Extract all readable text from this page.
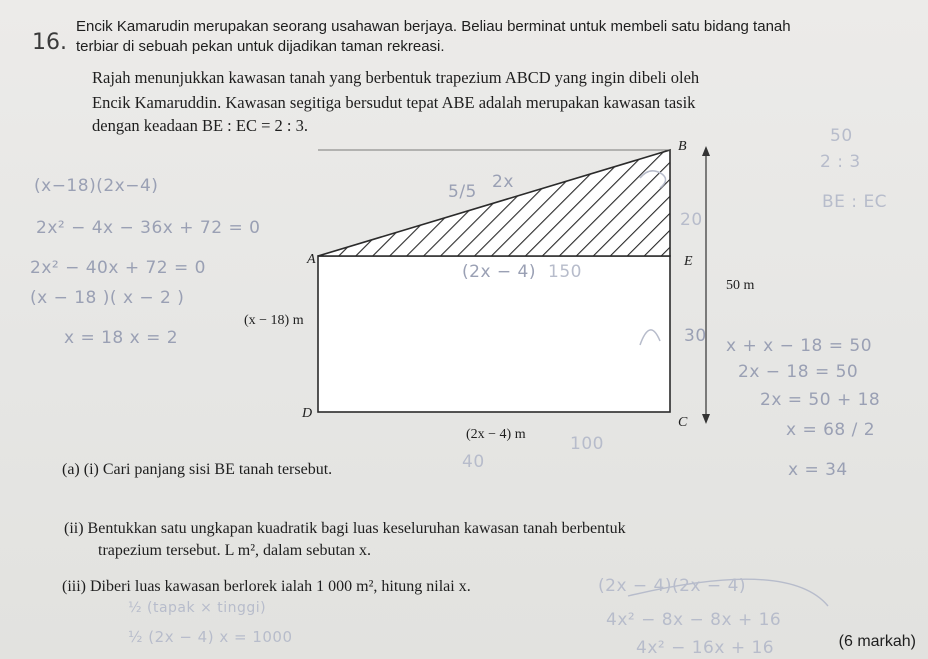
16.
Encik Kamarudin merupakan seorang usahawan berjaya. Beliau berminat untuk membeli satu bidang tanah
terbiar di sebuah pekan untuk dijadikan taman rekreasi.
Rajah menunjukkan kawasan tanah yang berbentuk trapezium ABCD yang ingin dibeli oleh
Encik Kamaruddin. Kawasan segitiga bersudut tepat ABE adalah merupakan kawasan tasik
dengan keadaan BE : EC = 2 : 3.
B
A	E
D
C
50 m
(x − 18) m
(2x − 4) m
(x−18)(2x−4)
2x² − 4x − 36x + 72 = 0
2x² − 40x + 72 = 0
(x − 18 )( x − 2 )
x = 18 x = 2
2 : 3
BE : EC
x + x − 18 = 50
2x − 18 = 50
2x = 50 + 18
x = 68 / 2
x = 34
5/5 2x
(2x − 4) 150
30
20
100
40
50
(a) (i) Cari panjang sisi BE tanah tersebut.
(ii) Bentukkan satu ungkapan kuadratik bagi luas keseluruhan kawasan tanah berbentuk
trapezium tersebut. L m², dalam sebutan x.
(iii) Diberi luas kawasan berlorek ialah 1 000 m², hitung nilai x.
½ (tapak × tinggi)
½ (2x − 4) x = 1000
(2x − 4)(2x − 4)
4x² − 8x − 8x + 16
4x² − 16x + 16	(6 markah)
